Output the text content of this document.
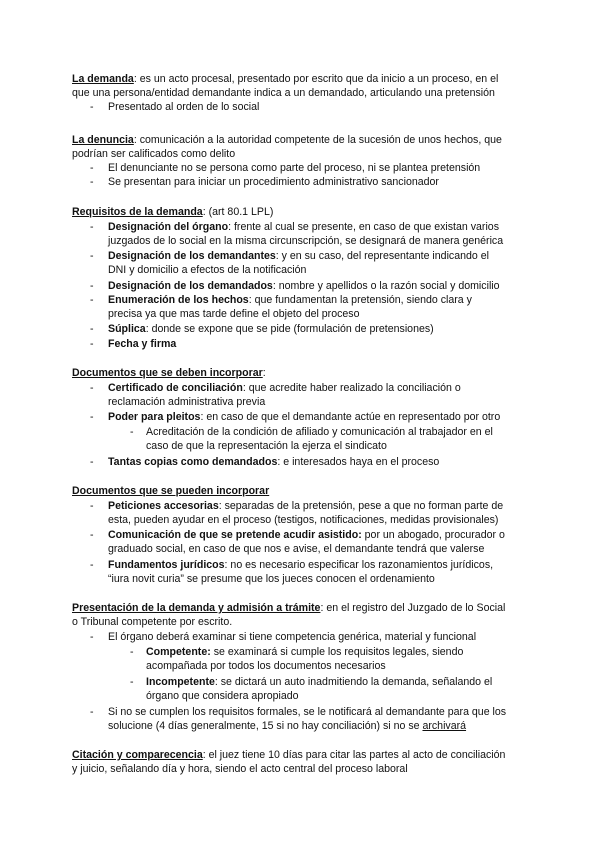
La demanda: es un acto procesal, presentado por escrito que da inicio a un proceso, en el
que una persona/entidad demandante indica a un demandado, articulando una pretensión
- Presentado al orden de lo social
La denuncia: comunicación a la autoridad competente de la sucesión de unos hechos, que
podrían ser calificados como delito
- El denunciante no se persona como parte del proceso, ni se plantea pretensión
- Se presentan para iniciar un procedimiento administrativo sancionador
Requisitos de la demanda: (art 80.1 LPL)
- Designación del órgano: frente al cual se presente, en caso de que existan varios
juzgados de lo social en la misma circunscripción, se designará de manera genérica
- Designación de los demandantes: y en su caso, del representante indicando el
DNI y domicilio a efectos de la notificación
- Designación de los demandados: nombre y apellidos o la razón social y domicilio
- Enumeración de los hechos: que fundamentan la pretensión, siendo clara y
precisa ya que mas tarde define el objeto del proceso
- Súplica: donde se expone que se pide (formulación de pretensiones)
- Fecha y firma
Documentos que se deben incorporar:
- Certificado de conciliación: que acredite haber realizado la conciliación o
reclamación administrativa previa
- Poder para pleitos: en caso de que el demandante actúe en representado por otro
- Acreditación de la condición de afiliado y comunicación al trabajador en el
caso de que la representación la ejerza el sindicato
- Tantas copias como demandados: e interesados haya en el proceso
Documentos que se pueden incorporar
- Peticiones accesorias: separadas de la pretensión, pese a que no forman parte de
esta, pueden ayudar en el proceso (testigos, notificaciones, medidas provisionales)
- Comunicación de que se pretende acudir asistido: por un abogado, procurador o
graduado social, en caso de que nos e avise, el demandante tendrá que valerse
- Fundamentos jurídicos: no es necesario especificar los razonamientos jurídicos,
“iura novit curia” se presume que los jueces conocen el ordenamiento
Presentación de la demanda y admisión a trámite: en el registro del Juzgado de lo Social
o Tribunal competente por escrito.
- El órgano deberá examinar si tiene competencia genérica, material y funcional
- Competente: se examinará si cumple los requisitos legales, siendo
acompañada por todos los documentos necesarios
- Incompetente: se dictará un auto inadmitiendo la demanda, señalando el
órgano que considera apropiado
- Si no se cumplen los requisitos formales, se le notificará al demandante para que los
solucione (4 días generalmente, 15 si no hay conciliación) si no se archivará
Citación y comparecencia: el juez tiene 10 días para citar las partes al acto de conciliación
y juicio, señalando día y hora, siendo el acto central del proceso laboral
